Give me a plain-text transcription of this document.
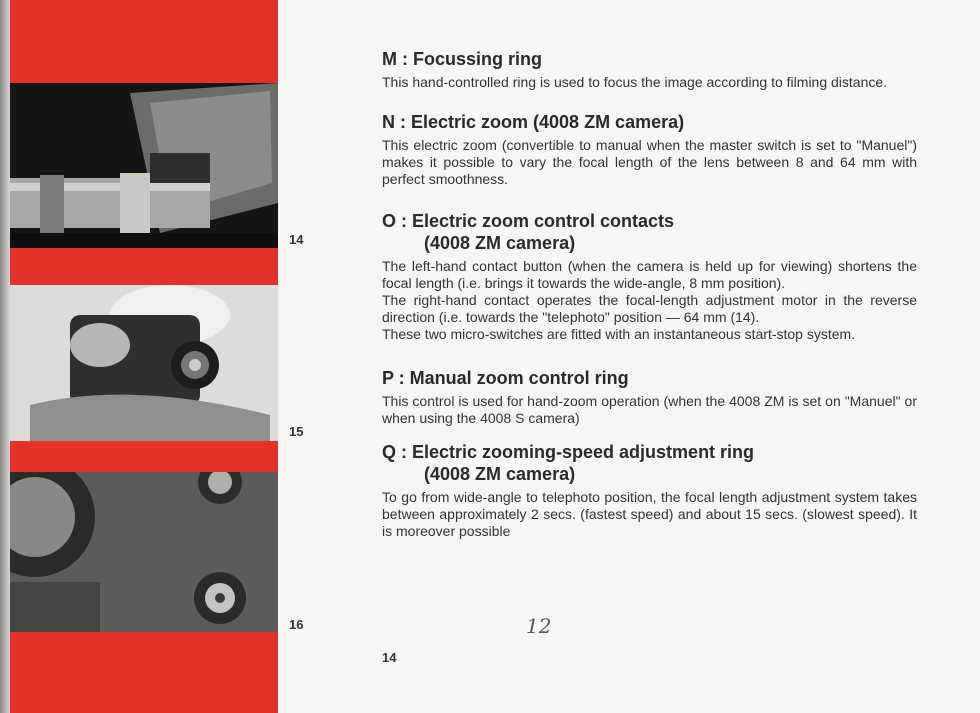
14
15
16
M : Focussing ring

This hand-controlled ring is used to focus the image according to filming distance.

N : Electric zoom (4008 ZM camera)

This electric zoom (convertible to manual when the master switch is set to "Manuel") makes it possible to vary the focal length of the lens between 8 and 64 mm with perfect smoothness.

O : Electric zoom control contacts
(4008 ZM camera)

The left-hand contact button (when the camera is held up for viewing) shortens the focal length (i.e. brings it towards the wide-angle, 8 mm position).
The right-hand contact operates the focal-length adjustment motor in the reverse direction (i.e. towards the "telephoto" position — 64 mm (14).
These two micro-switches are fitted with an instantaneous start-stop system.

P : Manual zoom control ring

This control is used for hand-zoom operation (when the 4008 ZM is set on "Manuel" or when using the 4008 S camera)

Q : Electric zooming-speed adjustment ring
(4008 ZM camera)

To go from wide-angle to telephoto position, the focal length adjustment system takes between approximately 2 secs. (fastest speed) and about 15 secs. (slowest speed). It is moreover possible

12
14
